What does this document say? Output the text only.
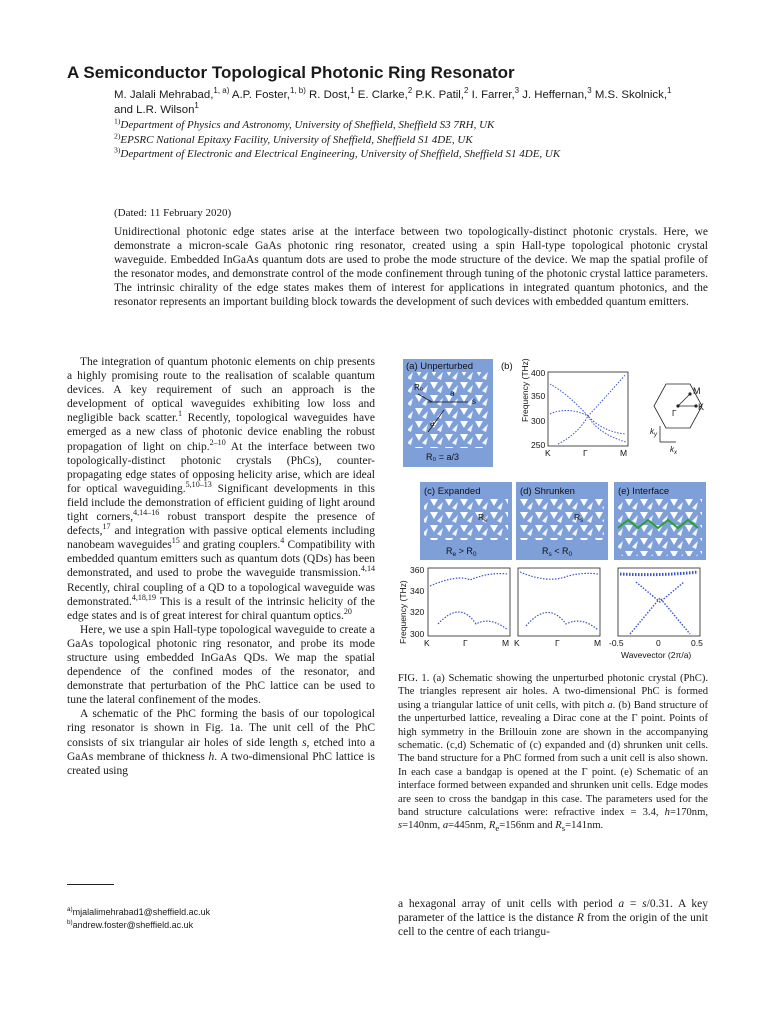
A Semiconductor Topological Photonic Ring Resonator
M. Jalali Mehrabad,$^{1, a)}$ A.P. Foster,$^{1, b)}$ R. Dost,$^1$ E. Clarke,$^2$ P.K. Patil,$^2$ I. Farrer,$^3$ J. Heffernan,$^3$ M.S. Skolnick,$^1$ and L.R. Wilson$^1$

$^{1)}$Department of Physics and Astronomy, University of Sheffield, Sheffield S3 7RH, UK

$^{2)}$EPSRC National Epitaxy Facility, University of Sheffield, Sheffield S1 4DE, UK

$^{3)}$Department of Electronic and Electrical Engineering, University of Sheffield, Sheffield S1 4DE, UK

(Dated: 11 February 2020)

Unidirectional photonic edge states arise at the interface between two topologically-distinct photonic crystals. Here, we demonstrate a micron-scale GaAs photonic ring resonator, created using a spin Hall-type topological photonic crystal waveguide. Embedded InGaAs quantum dots are used to probe the mode structure of the device. We map the spatial profile of the resonator modes, and demonstrate control of the mode confinement through tuning of the photonic crystal lattice parameters. The intrinsic chirality of the edge states makes them of interest for applications in integrated quantum photonics, and the resonator represents an important building block towards the development of such devices with embedded quantum emitters.

The integration of quantum photonic elements on chip presents a highly promising route to the realisation of scalable quantum devices. A key requirement of such an approach is the development of optical waveguides exhibiting low loss and negligible back scatter.$^1$ Recently, topological waveguides have emerged as a new class of photonic device enabling the robust propagation of light on chip.$^{2-10}$ At the interface between two topologically-distinct photonic crystals (PhCs), counter-propagating edge states of opposing helicity arise, which are ideal for optical waveguiding.$^{5,10-13}$ Significant developments in this field include the demonstration of efficient guiding of light around tight corners,$^{4,14-16}$ robust transport despite the presence of defects,$^{17}$ and integration with passive optical elements including nanobeam waveguides$^{15}$ and grating couplers.$^4$ Compatibility with embedded quantum emitters such as quantum dots (QDs) has been demonstrated, and used to probe the waveguide transmission.$^{4,14}$ Recently, chiral coupling of a QD to a topological waveguide was demonstrated.$^{4,18,19}$ This is a result of the intrinsic helicity of the edge states and is of great interest for chiral quantum optics.$^{20}$

Here, we use a spin Hall-type topological waveguide to create a GaAs topological photonic ring resonator, and probe its mode structure using embedded InGaAs QDs. We map the spatial dependence of the confined modes of the resonator, and demonstrate that perturbation of the PhC lattice can be used to tune the lateral confinement of the modes.

A schematic of the PhC forming the basis of our topological ring resonator is shown in Fig. 1a. The unit cell of the PhC consists of six triangular air holes of side length s, etched into a GaAs membrane of thickness h. A two-dimensional PhC lattice is created using

a hexagonal array of unit cells with period a = s/0.31. A key parameter of the lattice is the distance R from the origin of the unit cell to the centre of each triangu-

FIG. 1. (a) Schematic showing the unperturbed photonic crystal (PhC). The triangles represent air holes. A two-dimensional PhC is formed using a triangular lattice of unit cells, with pitch a. (b) Band structure of the unperturbed lattice, revealing a Dirac cone at the Γ point. Points of high symmetry in the Brillouin zone are shown in the accompanying schematic. (c,d) Schematic of (c) expanded and (d) shrunken unit cells. The band structure for a PhC formed from such a unit cell is also shown. In each case a bandgap is opened at the Γ point. (e) Schematic of an interface formed between expanded and shrunken unit cells. Edge modes are seen to cross the bandgap in this case. The parameters used for the band structure calculations were: refractive index = 3.4, h=170nm, s=140nm, a=445nm, $R_e=156nm$ and $R_s=141nm$.

$^{a)}$mjalalimehrabad1@sheffield.ac.uk
$^{b)}$andrew.foster@sheffield.ac.uk
(a) Unperturbed
R₀
a
s
a
R₀ = a/3
(b) Frequency (THz) 400
350
300
250
K	Γ	M
M
K
Γ
$k_y$
$k_x$
(c) Expanded
$R_e$
$R_e > R_0$
(d) Shrunken
$R_s$
$R_s < R_0$
(e) Interface
Frequency (THz)
360
340
320
300
K	Γ	M K	Γ	M -0.5	0	0.5
Wavevector (2π/a)
